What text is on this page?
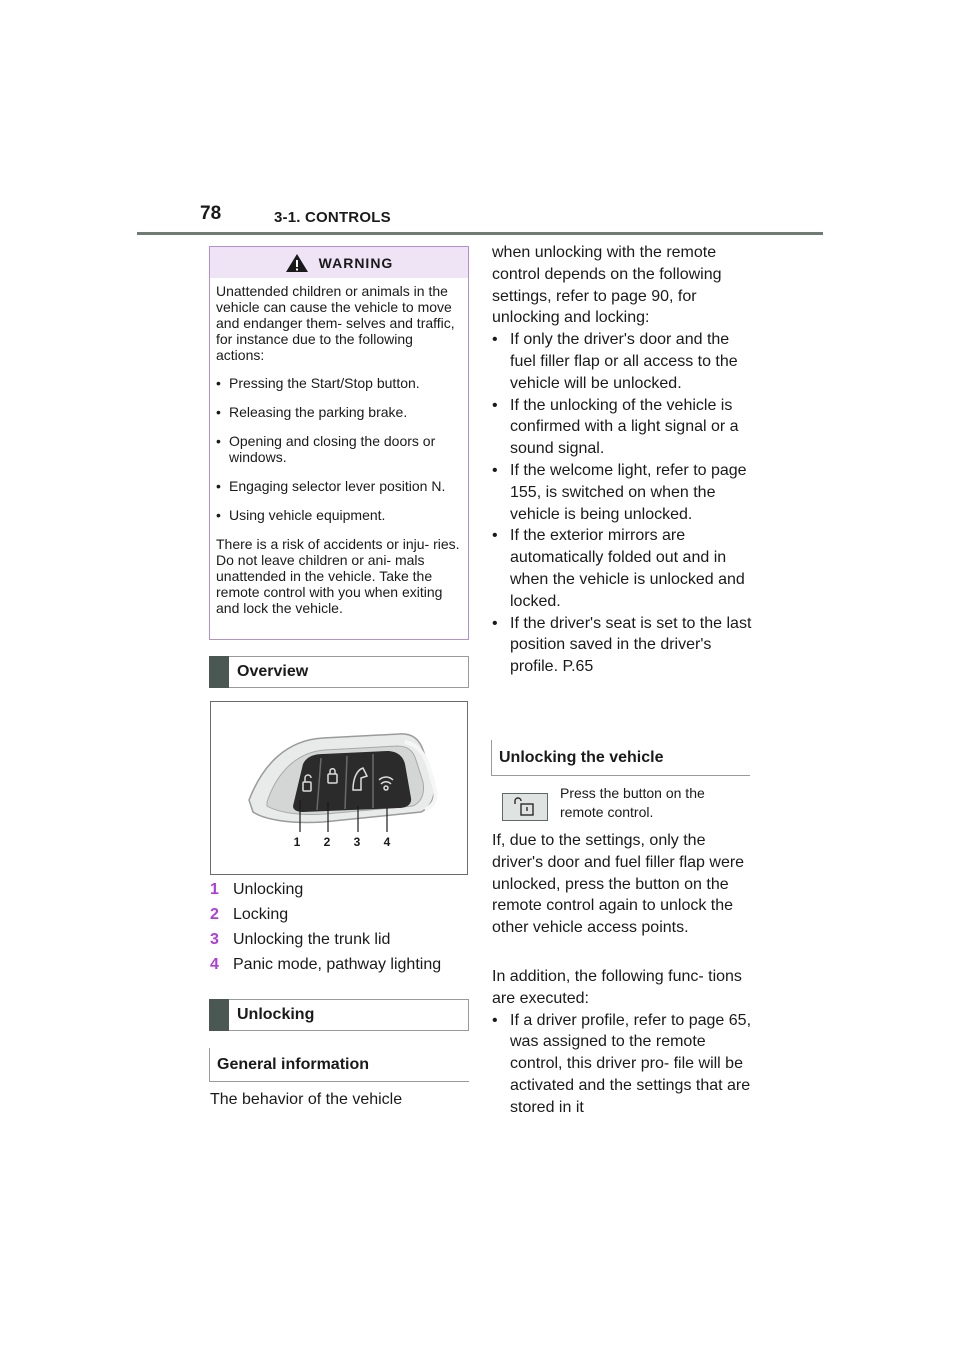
78	3-1. CONTROLS
WARNING

Unattended children or animals in the vehicle can cause the vehicle to move and endanger them- selves and traffic, for instance due to the following actions:

• Pressing the Start/Stop button.
• Releasing the parking brake.
• Opening and closing the doors or windows.
• Engaging selector lever position N.
• Using vehicle equipment.

There is a risk of accidents or inju- ries. Do not leave children or ani- mals unattended in the vehicle. Take the remote control with you when exiting and lock the vehicle.

Overview
1 2 3 4
1 Unlocking
2 Locking
3 Unlocking the trunk lid
4 Panic mode, pathway lighting
Unlocking
General information
The behavior of the vehicle

when unlocking with the remote control depends on the following settings, refer to page 90, for unlocking and locking:

• If only the driver's door and the fuel filler flap or all access to the vehicle will be unlocked.
• If the unlocking of the vehicle is confirmed with a light signal or a sound signal.
• If the welcome light, refer to page 155, is switched on when the vehicle is being unlocked.
• If the exterior mirrors are automatically folded out and in when the vehicle is unlocked and locked.
• If the driver's seat is set to the last position saved in the driver's profile. P.65
Unlocking the vehicle
Press the button on the remote control.
If, due to the settings, only the driver's door and fuel filler flap were unlocked, press the button on the remote control again to unlock the other vehicle access points.

In addition, the following func- tions are executed:

• If a driver profile, refer to page 65, was assigned to the remote control, this driver pro- file will be activated and the settings that are stored in it
